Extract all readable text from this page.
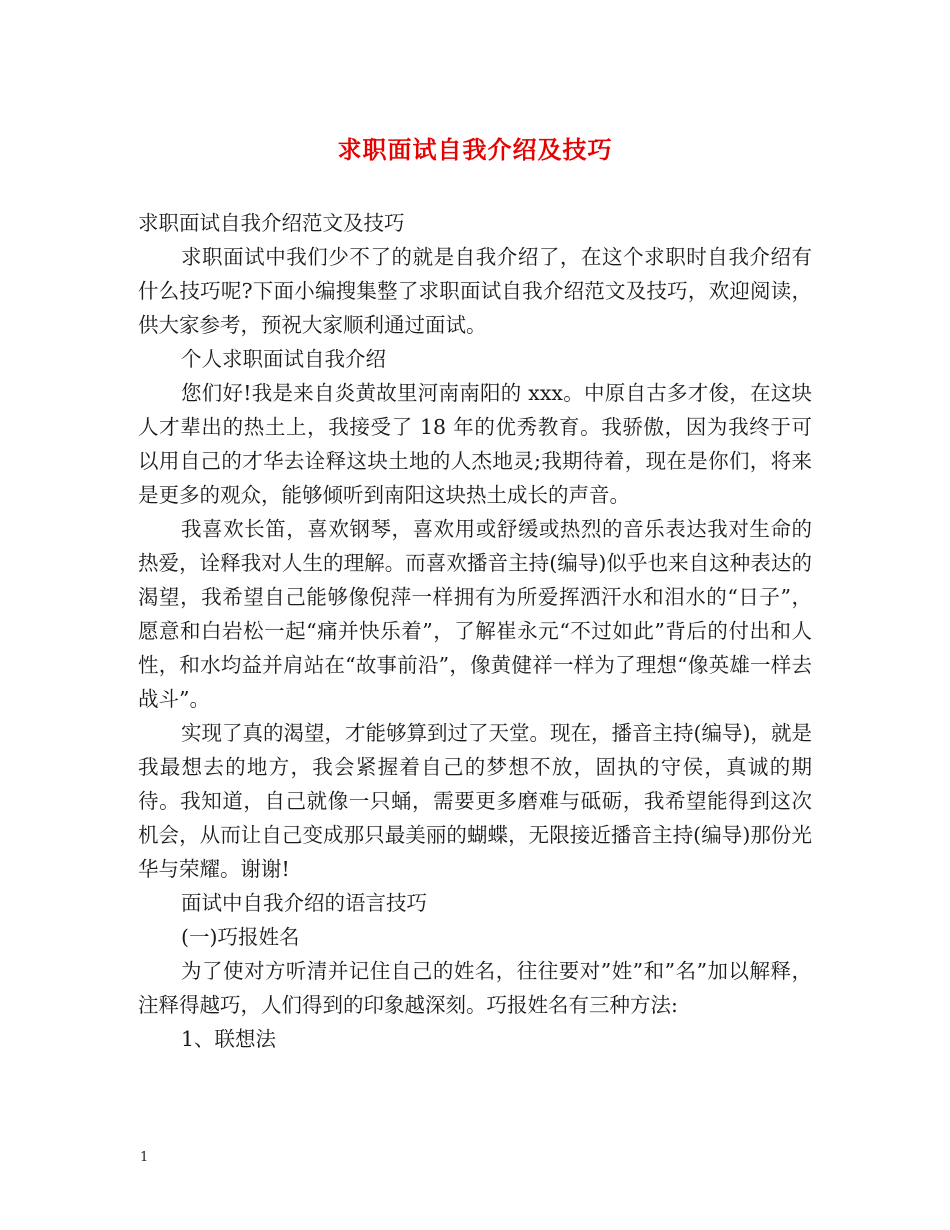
求职面试自我介绍及技巧

求职面试自我介绍范文及技巧

求职面试中我们少不了的就是自我介绍了，在这个求职时自我介绍有什么技巧呢?下面小编搜集整了求职面试自我介绍范文及技巧，欢迎阅读，供大家参考，预祝大家顺利通过面试。

个人求职面试自我介绍

您们好!我是来自炎黄故里河南南阳的 xxx。中原自古多才俊，在这块人才辈出的热土上，我接受了 18 年的优秀教育。我骄傲，因为我终于可以用自己的才华去诠释这块土地的人杰地灵;我期待着，现在是你们，将来是更多的观众，能够倾听到南阳这块热土成长的声音。

我喜欢长笛，喜欢钢琴，喜欢用或舒缓或热烈的音乐表达我对生命的热爱，诠释我对人生的理解。而喜欢播音主持(编导)似乎也来自这种表达的渴望，我希望自己能够像倪萍一样拥有为所爱挥洒汗水和泪水的“日子”，愿意和白岩松一起“痛并快乐着”，了解崔永元“不过如此”背后的付出和人性，和水均益并肩站在“故事前沿”，像黄健祥一样为了理想“像英雄一样去战斗”。

实现了真的渴望，才能够算到过了天堂。现在，播音主持(编导)，就是我最想去的地方，我会紧握着自己的梦想不放，固执的守侯，真诚的期待。我知道，自己就像一只蛹，需要更多磨难与砥砺，我希望能得到这次机会，从而让自己变成那只最美丽的蝴蝶，无限接近播音主持(编导)那份光华与荣耀。谢谢!

面试中自我介绍的语言技巧

(一)巧报姓名

为了使对方听清并记住自己的姓名，往往要对”姓”和”名”加以解释，注释得越巧，人们得到的印象越深刻。巧报姓名有三种方法:

1、联想法

1
